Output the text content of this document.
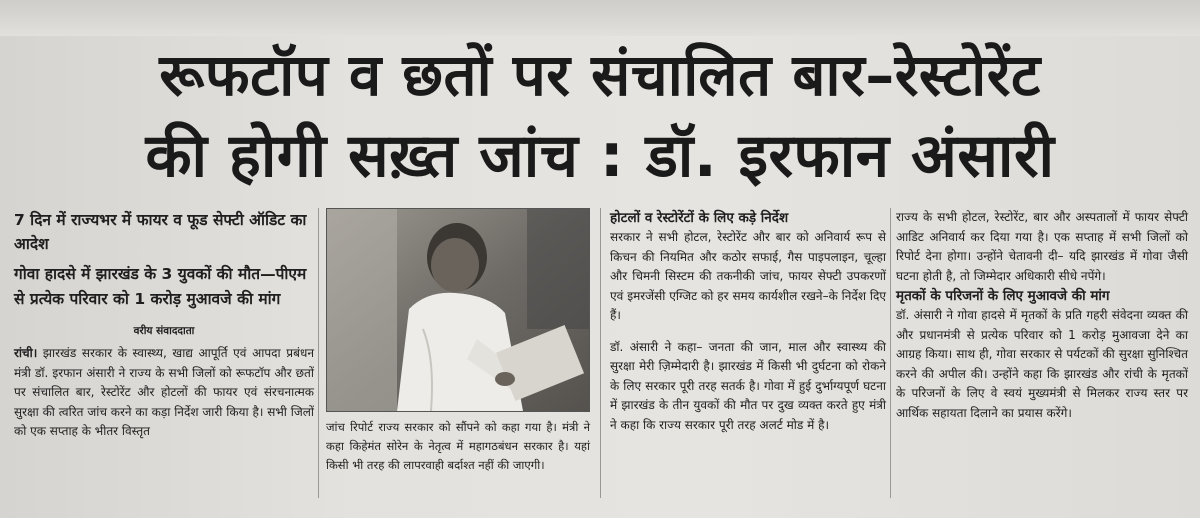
रूफटॉप व छतों पर संचालित बार–रेस्टोरेंट
की होगी सख़्त जांच : डॉ. इरफान अंसारी

7 दिन में राज्यभर में फायर व फूड सेफ्टी ऑडिट का आदेश

गोवा हादसे में झारखंड के 3 युवकों की मौत—पीएम से प्रत्येक परिवार को 1 करोड़ मुआवजे की मांग

वरीय संवाददाता

रांची। झारखंड सरकार के स्वास्थ्य, खाद्य आपूर्ति एवं आपदा प्रबंधन मंत्री डॉ. इरफान अंसारी ने राज्य के सभी जिलों को रूफटॉप और छतों पर संचालित बार, रेस्टोरेंट और होटलों की फायर एवं संरचनात्मक सुरक्षा की त्वरित जांच करने का कड़ा निर्देश जारी किया है। सभी जिलों को एक सप्ताह के भीतर विस्तृत	जांच रिपोर्ट राज्य सरकार को सौंपने को कहा गया है। मंत्री ने कहा किहेमंत सोरेन के नेतृत्व में महागठबंधन सरकार है। यहां किसी भी तरह की लापरवाही बर्दाश्त नहीं की जाएगी।

होटलों व रेस्टोरेंटों के लिए कड़े निर्देश

सरकार ने सभी होटल, रेस्टोरेंट और बार को अनिवार्य रूप से किचन की नियमित और कठोर सफाई, गैस पाइपलाइन, चूल्हा और चिमनी सिस्टम की तकनीकी जांच, फायर सेफ्टी उपकरणों एवं इमरजेंसी एग्जिट को हर समय कार्यशील रखने–के निर्देश दिए हैं।

डॉ. अंसारी ने कहा– जनता की जान, माल और स्वास्थ्य की सुरक्षा मेरी ज़िम्मेदारी है। झारखंड में किसी भी दुर्घटना को रोकने के लिए सरकार पूरी तरह सतर्क है। गोवा में हुई दुर्भाग्यपूर्ण घटना में झारखंड के तीन युवकों की मौत पर दुख व्यक्त करते हुए मंत्री ने कहा कि राज्य सरकार पूरी तरह अलर्ट मोड में है।

राज्य के सभी होटल, रेस्टोरेंट, बार और अस्पतालों में फायर सेफ्टी आडिट अनिवार्य कर दिया गया है। एक सप्ताह में सभी जिलों को रिपोर्ट देना होगा। उन्होंने चेतावनी दी– यदि झारखंड में गोवा जैसी घटना होती है, तो जिम्मेदार अधिकारी सीधे नपेंगे।

मृतकों के परिजनों के लिए मुआवजे की मांग

डॉ. अंसारी ने गोवा हादसे में मृतकों के प्रति गहरी संवेदना व्यक्त की और प्रधानमंत्री से प्रत्येक परिवार को 1 करोड़ मुआवजा देने का आग्रह किया। साथ ही, गोवा सरकार से पर्यटकों की सुरक्षा सुनिश्चित करने की अपील की। उन्होंने कहा कि झारखंड और रांची के मृतकों के परिजनों के लिए वे स्वयं मुख्यमंत्री से मिलकर राज्य स्तर पर आर्थिक सहायता दिलाने का प्रयास करेंगे।
